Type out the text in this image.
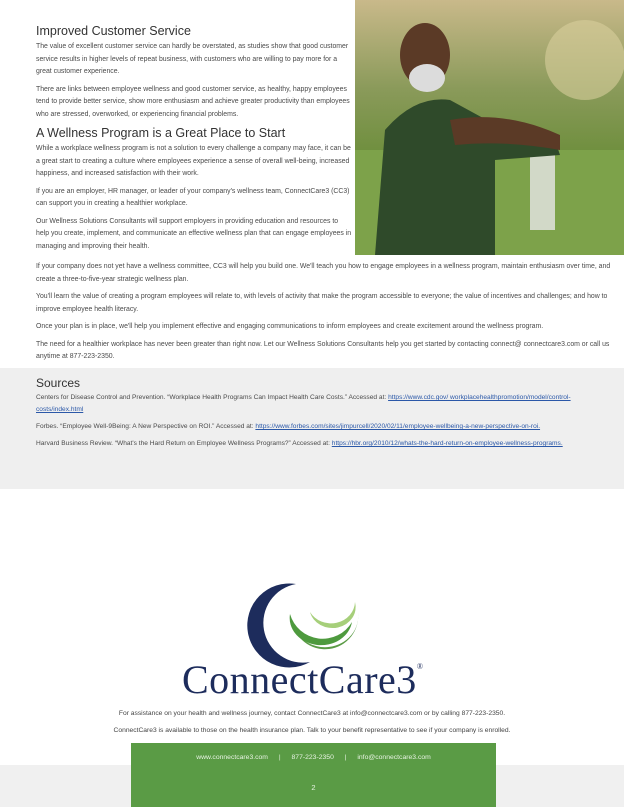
Improved Customer Service

The value of excellent customer service can hardly be overstated, as studies show that good customer service results in higher levels of repeat business, with customers who are willing to pay more for a great customer experience.

There are links between employee wellness and good customer service, as healthy, happy employees tend to provide better service, show more enthusiasm and achieve greater productivity than employees who are stressed, overworked, or experiencing financial problems.

A Wellness Program is a Great Place to Start

While a workplace wellness program is not a solution to every challenge a company may face, it can be a great start to creating a culture where employees experience a sense of overall well-being, increased happiness, and increased satisfaction with their work.

If you are an employer, HR manager, or leader of your company's wellness team, ConnectCare3 (CC3) can support you in creating a healthier workplace.

Our Wellness Solutions Consultants will support employers in providing education and resources to help you create, implement, and communicate an effective wellness plan that can engage employees in managing and improving their health.

If your company does not yet have a wellness committee, CC3 will help you build one. We'll teach you how to engage employees in a wellness program, maintain enthusiasm over time, and create a three-to-five-year strategic wellness plan.

You'll learn the value of creating a program employees will relate to, with levels of activity that make the program accessible to everyone; the value of incentives and challenges; and how to improve employee health literacy.

Once your plan is in place, we'll help you implement effective and engaging communications to inform employees and create excitement around the wellness program.

The need for a healthier workplace has never been greater than right now. Let our Wellness Solutions Consultants help you get started by contacting connect@ connectcare3.com or call us anytime at 877-223-2350.

Sources

Centers for Disease Control and Prevention. “Workplace Health Programs Can Impact Health Care Costs.” Accessed at: https://www.cdc.gov/ workplacehealthpromotion/model/control-costs/index.html

Forbes. “Employee Well-9Being: A New Perspective on ROI.” Accessed at: https://www.forbes.com/sites/jimpurcell/2020/02/11/employee-wellbeing-a-new-perspective-on-roi.

Harvard Business Review. “What's the Hard Return on Employee Wellness Programs?” Accessed at: https://hbr.org/2010/12/whats-the-hard-return-on-employee-wellness-programs.

ConnectCare3®
For assistance on your health and wellness journey, contact ConnectCare3 at info@connectcare3.com or by calling 877-223-2350.
ConnectCare3 is available to those on the health insurance plan. Talk to your benefit representative to see if your company is enrolled.
www.connectcare3.com | 877-223-2350 | info@connectcare3.com
2
